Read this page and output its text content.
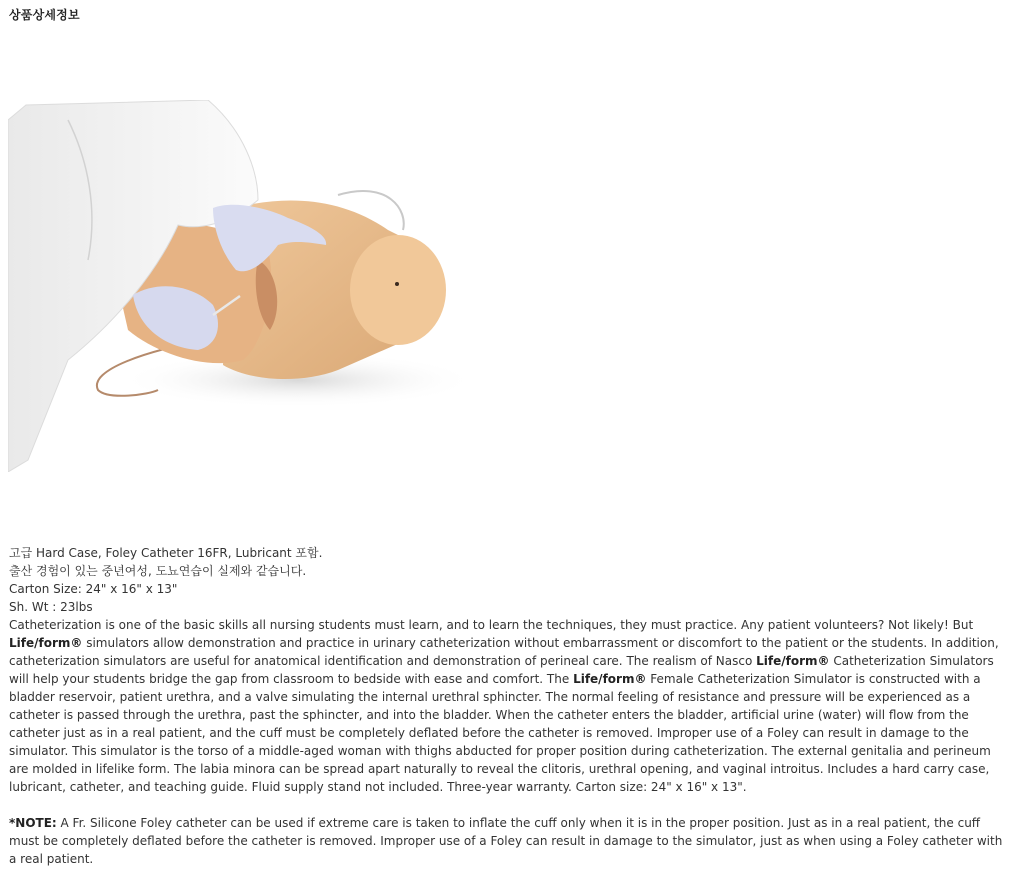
상품상세정보

고급 Hard Case, Foley Catheter 16FR, Lubricant 포함.

출산 경험이 있는 중년여성, 도뇨연습이 실제와 같습니다.

Carton Size: 24" x 16" x 13"

Sh. Wt : 23lbs

Catheterization is one of the basic skills all nursing students must learn, and to learn the techniques, they must practice. Any patient volunteers? Not likely! But Life/form® simulators allow demonstration and practice in urinary catheterization without embarrassment or discomfort to the patient or the students. In addition, catheterization simulators are useful for anatomical identification and demonstration of perineal care. The realism of Nasco Life/form® Catheterization Simulators will help your students bridge the gap from classroom to bedside with ease and comfort. The Life/form® Female Catheterization Simulator is constructed with a bladder reservoir, patient urethra, and a valve simulating the internal urethral sphincter. The normal feeling of resistance and pressure will be experienced as a catheter is passed through the urethra, past the sphincter, and into the bladder. When the catheter enters the bladder, artificial urine (water) will flow from the catheter just as in a real patient, and the cuff must be completely deflated before the catheter is removed. Improper use of a Foley can result in damage to the simulator. This simulator is the torso of a middle-aged woman with thighs abducted for proper position during catheterization. The external genitalia and perineum are molded in lifelike form. The labia minora can be spread apart naturally to reveal the clitoris, urethral opening, and vaginal introitus. Includes a hard carry case, lubricant, catheter, and teaching guide. Fluid supply stand not included. Three-year warranty. Carton size: 24" x 16" x 13".

*NOTE: A Fr. Silicone Foley catheter can be used if extreme care is taken to inflate the cuff only when it is in the proper position. Just as in a real patient, the cuff must be completely deflated before the catheter is removed. Improper use of a Foley can result in damage to the simulator, just as when using a Foley catheter with a real patient.
